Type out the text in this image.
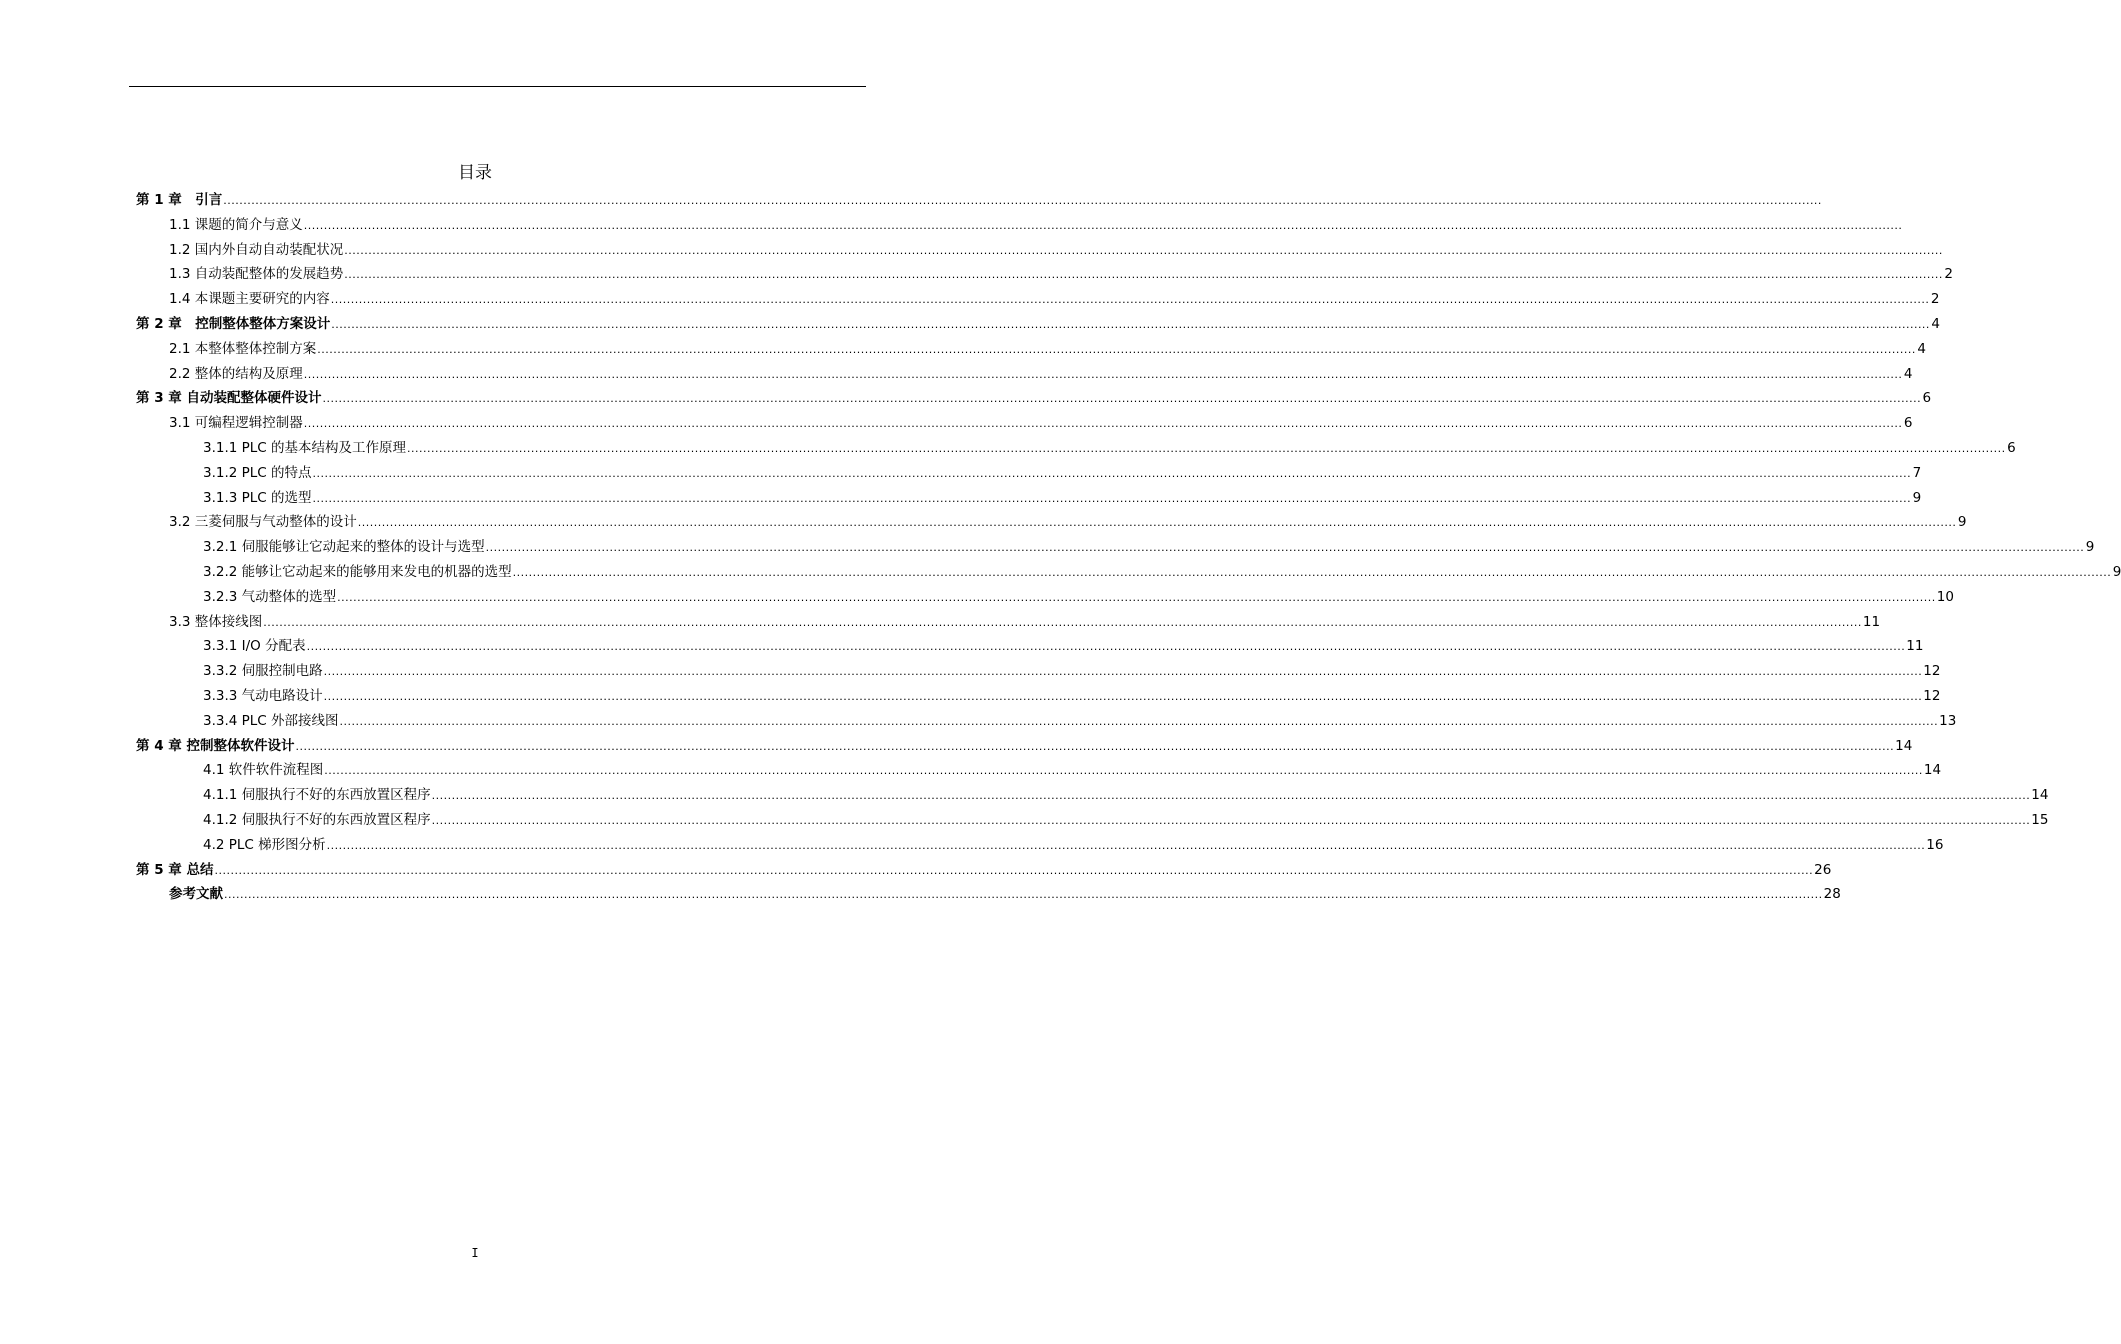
目录
第 1 章　引言 ................................................................................................................................................................................................................................................................................................................................................................................................................
1.1 课题的简介与意义 ................................................................................................................................................................................................................................................................................................................................................................................................................
1.2 国内外自动自动装配状况 ................................................................................................................................................................................................................................................................................................................................................................................................................
1.3 自动装配整体的发展趋势 ................................................................................................................................................................................................................................................................................................................................................................................................................ 2
1.4 本课题主要研究的内容 ................................................................................................................................................................................................................................................................................................................................................................................................................ 2
第 2 章　控制整体整体方案设计 ................................................................................................................................................................................................................................................................................................................................................................................................................ 4
2.1 本整体整体控制方案 ................................................................................................................................................................................................................................................................................................................................................................................................................ 4
2.2 整体的结构及原理 ................................................................................................................................................................................................................................................................................................................................................................................................................ 4
第 3 章 自动装配整体硬件设计 ................................................................................................................................................................................................................................................................................................................................................................................................................ 6
3.1 可编程逻辑控制器 ................................................................................................................................................................................................................................................................................................................................................................................................................ 6
3.1.1 PLC 的基本结构及工作原理 ................................................................................................................................................................................................................................................................................................................................................................................................................ 6
3.1.2 PLC 的特点 ................................................................................................................................................................................................................................................................................................................................................................................................................ 7
3.1.3 PLC 的选型 ................................................................................................................................................................................................................................................................................................................................................................................................................ 9
3.2 三菱伺服与气动整体的设计 ................................................................................................................................................................................................................................................................................................................................................................................................................ 9
3.2.1 伺服能够让它动起来的整体的设计与选型 ................................................................................................................................................................................................................................................................................................................................................................................................................ 9
3.2.2 能够让它动起来的能够用来发电的机器的选型 ................................................................................................................................................................................................................................................................................................................................................................................................................ 9
3.2.3 气动整体的选型 ................................................................................................................................................................................................................................................................................................................................................................................................................ 10
3.3 整体接线图 ................................................................................................................................................................................................................................................................................................................................................................................................................ 11
3.3.1 I/O 分配表 ................................................................................................................................................................................................................................................................................................................................................................................................................ 11
3.3.2 伺服控制电路 ................................................................................................................................................................................................................................................................................................................................................................................................................ 12
3.3.3 气动电路设计 ................................................................................................................................................................................................................................................................................................................................................................................................................ 12
3.3.4 PLC 外部接线图 ................................................................................................................................................................................................................................................................................................................................................................................................................ 13
第 4 章 控制整体软件设计 ................................................................................................................................................................................................................................................................................................................................................................................................................ 14
4.1 软件软件流程图 ................................................................................................................................................................................................................................................................................................................................................................................................................ 14
4.1.1 伺服执行不好的东西放置区程序 ................................................................................................................................................................................................................................................................................................................................................................................................................ 14
4.1.2 伺服执行不好的东西放置区程序 ................................................................................................................................................................................................................................................................................................................................................................................................................ 15
4.2 PLC 梯形图分析 ................................................................................................................................................................................................................................................................................................................................................................................................................ 16
第 5 章 总结 ................................................................................................................................................................................................................................................................................................................................................................................................................ 26
参考文献 ................................................................................................................................................................................................................................................................................................................................................................................................................ 28
I
